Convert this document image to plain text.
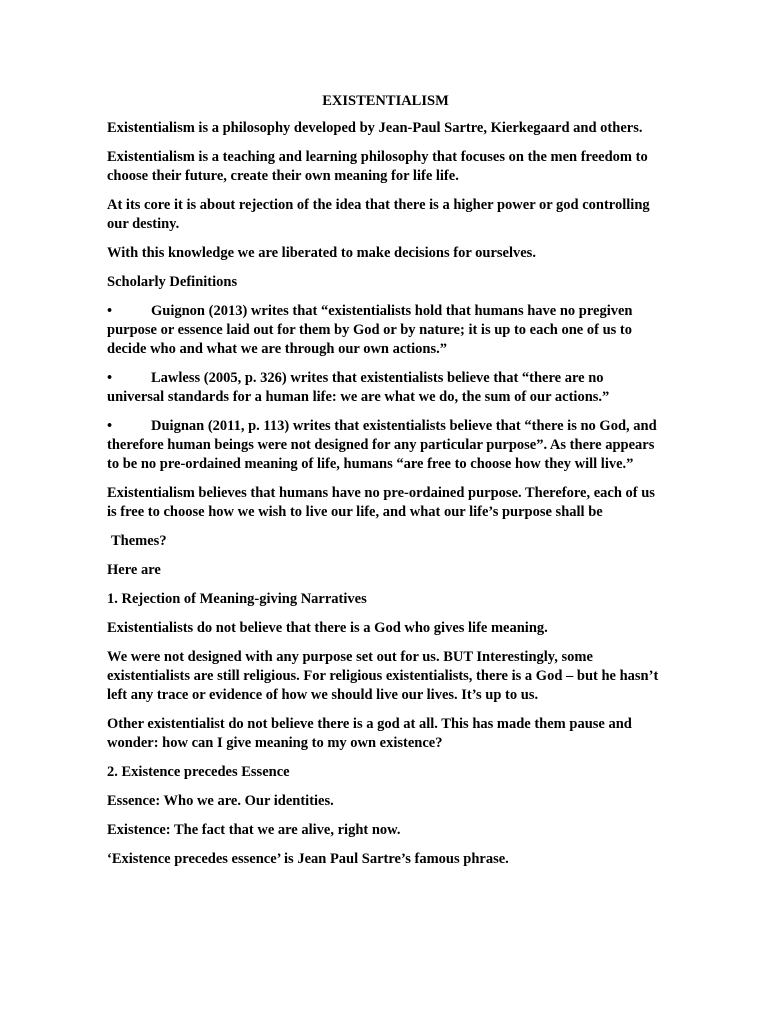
EXISTENTIALISM
Existentialism is a philosophy developed by Jean-Paul Sartre, Kierkegaard and others.
Existentialism is a teaching and learning philosophy that focuses on the men freedom to choose their future, create their own meaning for life life.
At its core it is about rejection of the idea that there is a higher power or god controlling our destiny.
With this knowledge we are liberated to make decisions for ourselves.
Scholarly Definitions
•	Guignon (2013) writes that “existentialists hold that humans have no pregiven purpose or essence laid out for them by God or by nature; it is up to each one of us to decide who and what we are through our own actions.”
•	Lawless (2005, p. 326) writes that existentialists believe that “there are no universal standards for a human life: we are what we do, the sum of our actions.”
•	Duignan (2011, p. 113) writes that existentialists believe that “there is no God, and therefore human beings were not designed for any particular purpose”. As there appears to be no pre-ordained meaning of life, humans “are free to choose how they will live.”
Existentialism believes that humans have no pre-ordained purpose. Therefore, each of us is free to choose how we wish to live our life, and what our life’s purpose shall be
Themes?
Here are
1. Rejection of Meaning-giving Narratives
Existentialists do not believe that there is a God who gives life meaning.
We were not designed with any purpose set out for us. BUT Interestingly, some existentialists are still religious. For religious existentialists, there is a God – but he hasn’t left any trace or evidence of how we should live our lives. It’s up to us.
Other existentialist do not believe there is a god at all. This has made them pause and wonder: how can I give meaning to my own existence?
2. Existence precedes Essence
Essence: Who we are. Our identities.
Existence: The fact that we are alive, right now.
‘Existence precedes essence’ is Jean Paul Sartre’s famous phrase.
